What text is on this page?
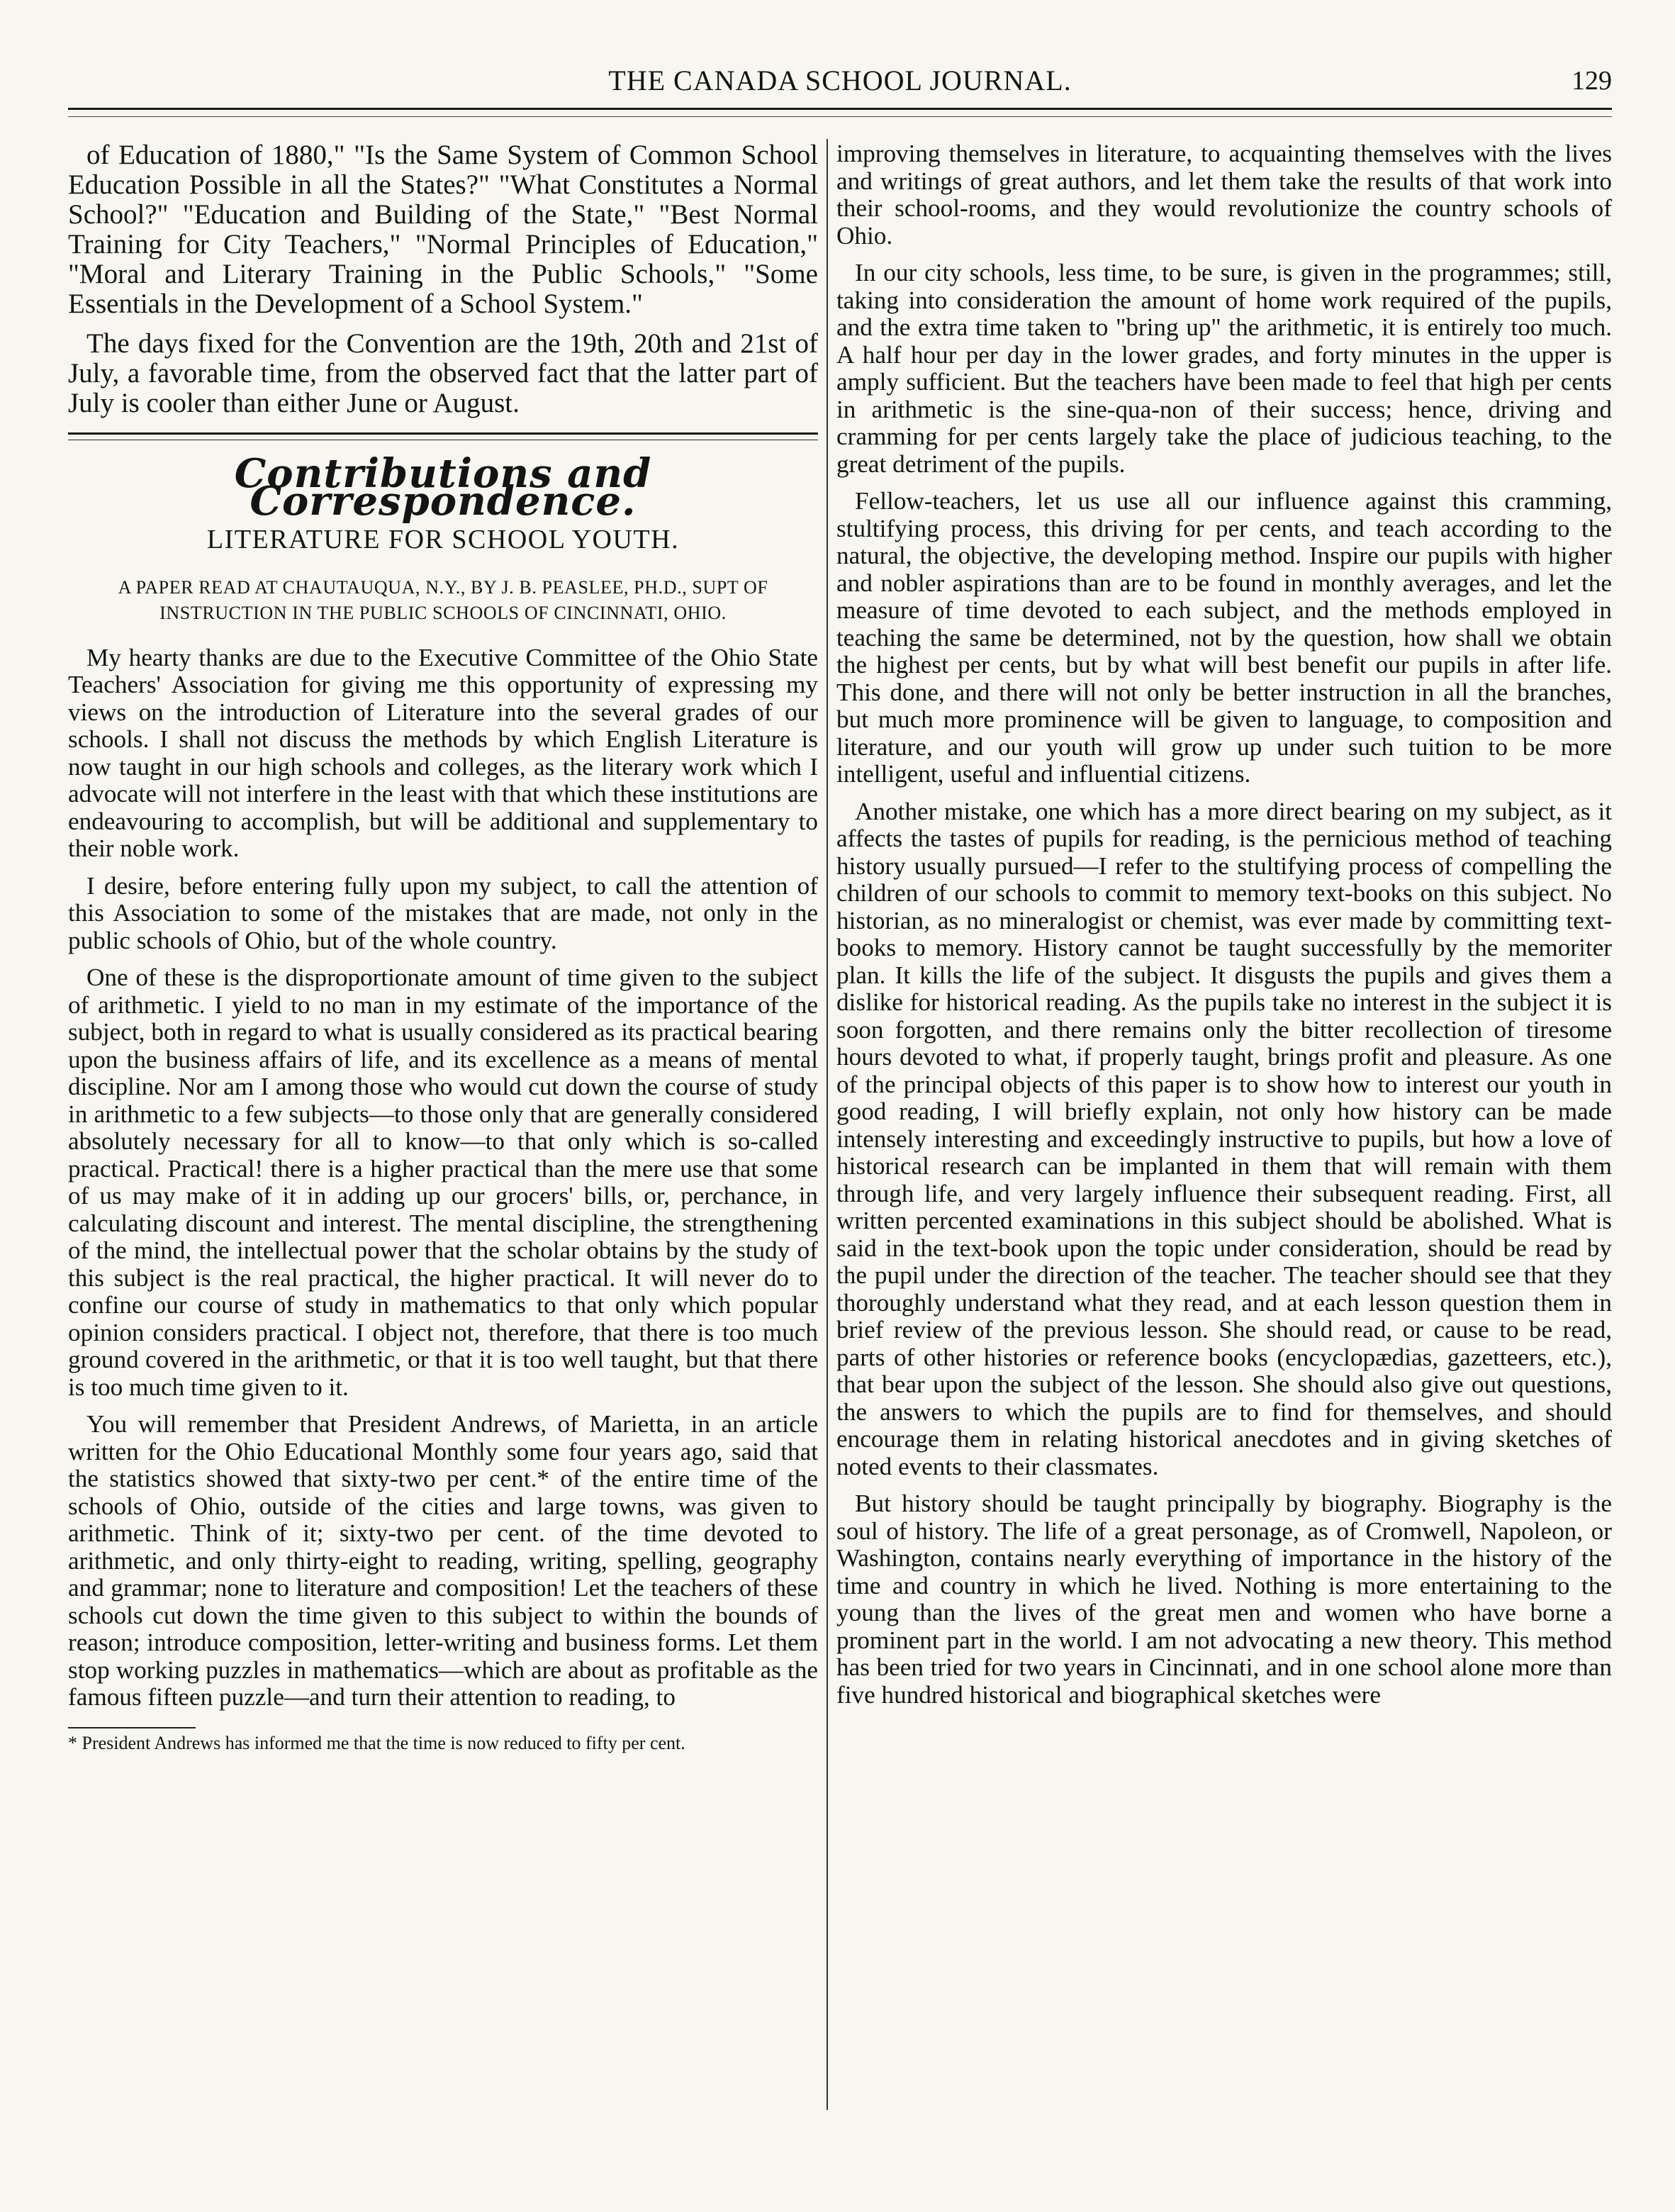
THE CANADA SCHOOL JOURNAL.	129

of Education of 1880," "Is the Same System of Common School Education Possible in all the States?" "What Constitutes a Normal School?" "Education and Building of the State," "Best Normal Training for City Teachers," "Normal Principles of Education," "Moral and Literary Training in the Public Schools," "Some Essentials in the Development of a School System."

The days fixed for the Convention are the 19th, 20th and 21st of July, a favorable time, from the observed fact that the latter part of July is cooler than either June or August.

Contributions and Correspondence.
LITERATURE FOR SCHOOL YOUTH.
A PAPER READ AT CHAUTAUQUA, N.Y., BY J. B. PEASLEE, PH.D., SUPT OF INSTRUCTION IN THE PUBLIC SCHOOLS OF CINCINNATI, OHIO.

My hearty thanks are due to the Executive Committee of the Ohio State Teachers' Association for giving me this opportunity of expressing my views on the introduction of Literature into the several grades of our schools. I shall not discuss the methods by which English Literature is now taught in our high schools and colleges, as the literary work which I advocate will not interfere in the least with that which these institutions are endeavouring to accomplish, but will be additional and supplementary to their noble work.

I desire, before entering fully upon my subject, to call the attention of this Association to some of the mistakes that are made, not only in the public schools of Ohio, but of the whole country.

One of these is the disproportionate amount of time given to the subject of arithmetic. I yield to no man in my estimate of the importance of the subject, both in regard to what is usually considered as its practical bearing upon the business affairs of life, and its excellence as a means of mental discipline. Nor am I among those who would cut down the course of study in arithmetic to a few subjects—to those only that are generally considered absolutely necessary for all to know—to that only which is so-called practical. Practical! there is a higher practical than the mere use that some of us may make of it in adding up our grocers' bills, or, perchance, in calculating discount and interest. The mental discipline, the strengthening of the mind, the intellectual power that the scholar obtains by the study of this subject is the real practical, the higher practical. It will never do to confine our course of study in mathematics to that only which popular opinion considers practical. I object not, therefore, that there is too much ground covered in the arithmetic, or that it is too well taught, but that there is too much time given to it.

You will remember that President Andrews, of Marietta, in an article written for the Ohio Educational Monthly some four years ago, said that the statistics showed that sixty-two per cent.* of the entire time of the schools of Ohio, outside of the cities and large towns, was given to arithmetic. Think of it; sixty-two per cent. of the time devoted to arithmetic, and only thirty-eight to reading, writing, spelling, geography and grammar; none to literature and composition! Let the teachers of these schools cut down the time given to this subject to within the bounds of reason; introduce composition, letter-writing and business forms. Let them stop working puzzles in mathematics—which are about as profitable as the famous fifteen puzzle—and turn their attention to reading, to

* President Andrews has informed me that the time is now reduced to fifty per cent.

improving themselves in literature, to acquainting themselves with the lives and writings of great authors, and let them take the results of that work into their school-rooms, and they would revolutionize the country schools of Ohio.

In our city schools, less time, to be sure, is given in the programmes; still, taking into consideration the amount of home work required of the pupils, and the extra time taken to "bring up" the arithmetic, it is entirely too much. A half hour per day in the lower grades, and forty minutes in the upper is amply sufficient. But the teachers have been made to feel that high per cents in arithmetic is the sine-qua-non of their success; hence, driving and cramming for per cents largely take the place of judicious teaching, to the great detriment of the pupils.

Fellow-teachers, let us use all our influence against this cramming, stultifying process, this driving for per cents, and teach according to the natural, the objective, the developing method. Inspire our pupils with higher and nobler aspirations than are to be found in monthly averages, and let the measure of time devoted to each subject, and the methods employed in teaching the same be determined, not by the question, how shall we obtain the highest per cents, but by what will best benefit our pupils in after life. This done, and there will not only be better instruction in all the branches, but much more prominence will be given to language, to composition and literature, and our youth will grow up under such tuition to be more intelligent, useful and influential citizens.

Another mistake, one which has a more direct bearing on my subject, as it affects the tastes of pupils for reading, is the pernicious method of teaching history usually pursued—I refer to the stultifying process of compelling the children of our schools to commit to memory text-books on this subject. No historian, as no mineralogist or chemist, was ever made by committing text-books to memory. History cannot be taught successfully by the memoriter plan. It kills the life of the subject. It disgusts the pupils and gives them a dislike for historical reading. As the pupils take no interest in the subject it is soon forgotten, and there remains only the bitter recollection of tiresome hours devoted to what, if properly taught, brings profit and pleasure. As one of the principal objects of this paper is to show how to interest our youth in good reading, I will briefly explain, not only how history can be made intensely interesting and exceedingly instructive to pupils, but how a love of historical research can be implanted in them that will remain with them through life, and very largely influence their subsequent reading. First, all written percented examinations in this subject should be abolished. What is said in the text-book upon the topic under consideration, should be read by the pupil under the direction of the teacher. The teacher should see that they thoroughly understand what they read, and at each lesson question them in brief review of the previous lesson. She should read, or cause to be read, parts of other histories or reference books (encyclopædias, gazetteers, etc.), that bear upon the subject of the lesson. She should also give out questions, the answers to which the pupils are to find for themselves, and should encourage them in relating historical anecdotes and in giving sketches of noted events to their classmates.

But history should be taught principally by biography. Biography is the soul of history. The life of a great personage, as of Cromwell, Napoleon, or Washington, contains nearly everything of importance in the history of the time and country in which he lived. Nothing is more entertaining to the young than the lives of the great men and women who have borne a prominent part in the world. I am not advocating a new theory. This method has been tried for two years in Cincinnati, and in one school alone more than five hundred historical and biographical sketches were
